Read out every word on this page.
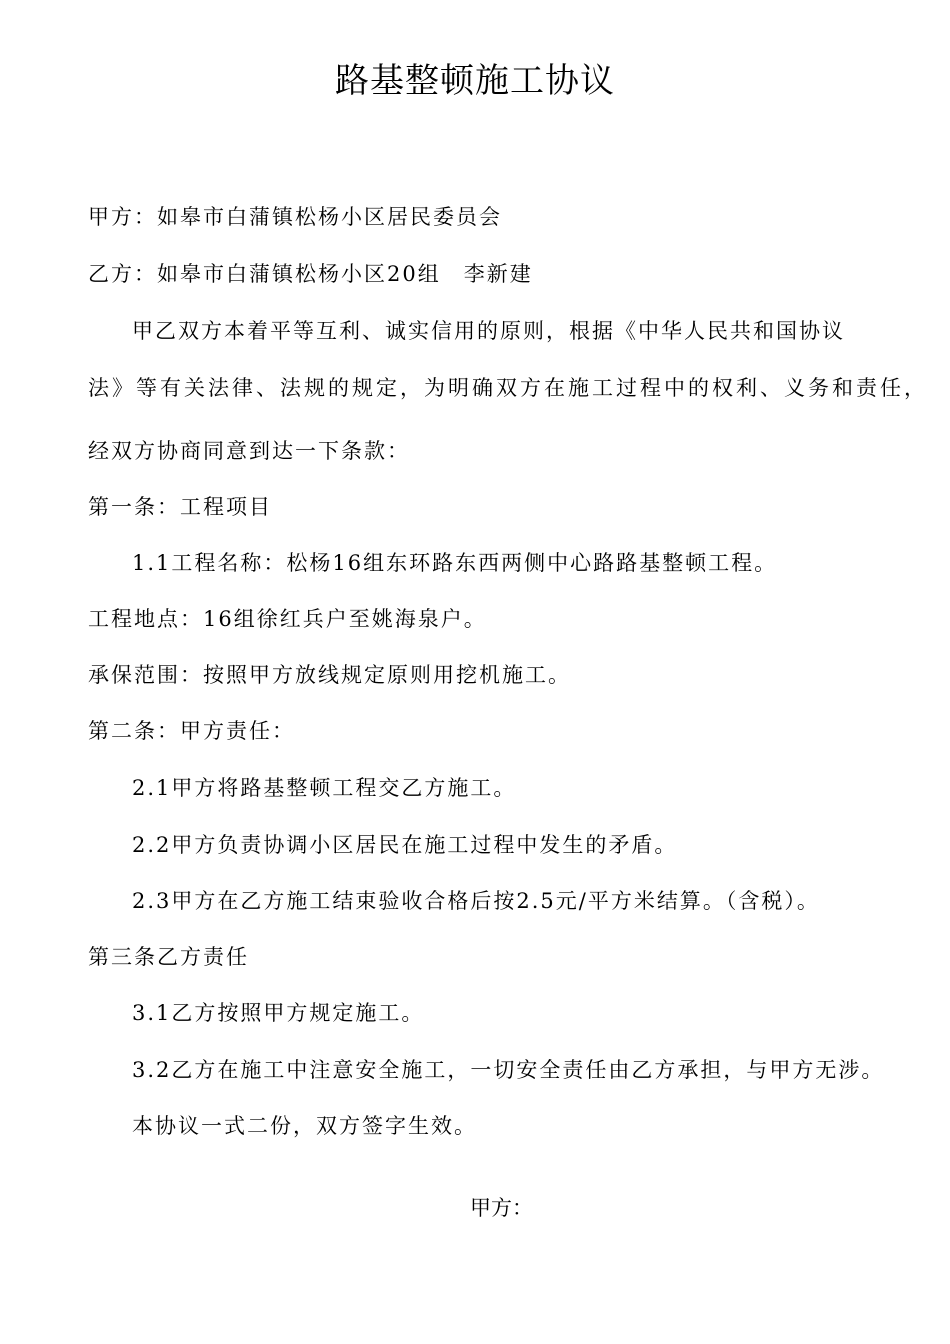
路基整顿施工协议
甲方：如皋市白蒲镇松杨小区居民委员会
乙方：如皋市白蒲镇松杨小区20组　李新建
甲乙双方本着平等互利、诚实信用的原则，根据《中华人民共和国协议
法》等有关法律、法规的规定，为明确双方在施工过程中的权利、义务和责任，
经双方协商同意到达一下条款：
第一条：工程项目
1.1工程名称：松杨16组东环路东西两侧中心路路基整顿工程。
工程地点：16组徐红兵户至姚海泉户。
承保范围：按照甲方放线规定原则用挖机施工。
第二条：甲方责任：
2.1甲方将路基整顿工程交乙方施工。
2.2甲方负责协调小区居民在施工过程中发生的矛盾。
2.3甲方在乙方施工结束验收合格后按2.5元/平方米结算。（含税）。
第三条乙方责任
3.1乙方按照甲方规定施工。
3.2乙方在施工中注意安全施工，一切安全责任由乙方承担，与甲方无涉。
本协议一式二份，双方签字生效。
甲方：
